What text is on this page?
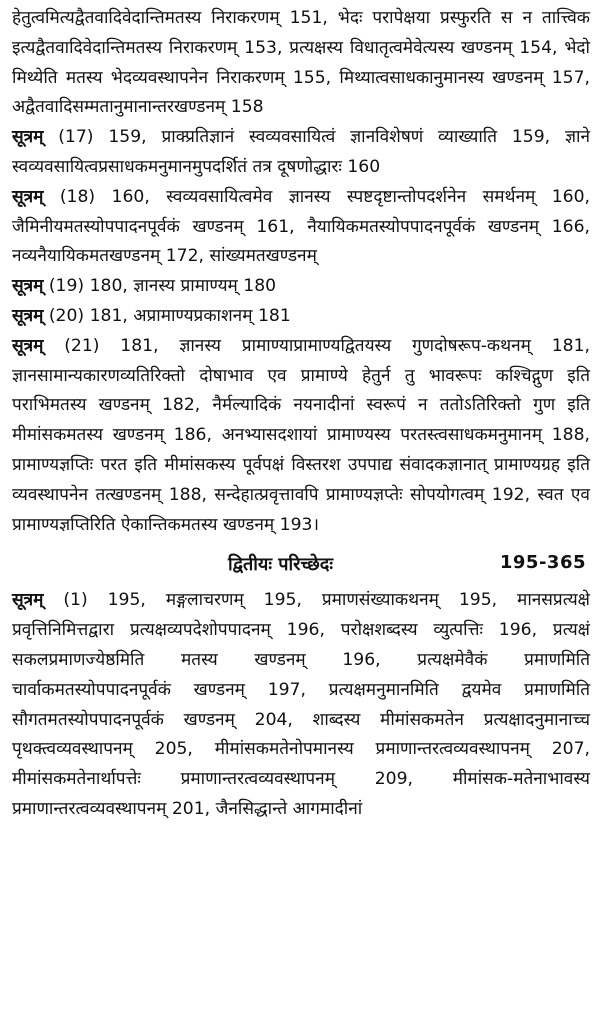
हेतुत्वमित्यद्वैतवादिवेदान्तिमतस्य निराकरणम् 151, भेदः परापेक्षया प्रस्फुरति स न तात्त्विक इत्यद्वैतवादिवेदान्तिमतस्य निराकरणम् 153, प्रत्यक्षस्य विधातृत्वमेवेत्यस्य खण्डनम् 154, भेदो मिथ्येति मतस्य भेदव्यवस्थापनेन निराकरणम् 155, मिथ्यात्वसाधकानुमानस्य खण्डनम् 157, अद्वैतवादिसम्मतानुमानान्तरखण्डनम् 158

सूत्रम् (17) 159, प्राक्प्रतिज्ञानं स्वव्यवसायित्वं ज्ञानविशेषणं व्याख्याति 159, ज्ञाने स्वव्यवसायित्वप्रसाधकमनुमानमुपदर्शितं तत्र दूषणोद्धारः 160

सूत्रम् (18) 160, स्वव्यवसायित्वमेव ज्ञानस्य स्पष्टदृष्टान्तोपदर्शनेन समर्थनम् 160, जैमिनीयमतस्योपपादनपूर्वकं खण्डनम् 161, नैयायिकमतस्योपपादनपूर्वकं खण्डनम् 166, नव्यनैयायिकमतखण्डनम् 172, सांख्यमतखण्डनम्

सूत्रम् (19) 180, ज्ञानस्य प्रामाण्यम् 180

सूत्रम् (20) 181, अप्रामाण्यप्रकाशनम् 181

सूत्रम् (21) 181, ज्ञानस्य प्रामाण्याप्रामाण्यद्वितयस्य गुणदोषरूप-कथनम् 181, ज्ञानसामान्यकारणव्यतिरिक्तो दोषाभाव एव प्रामाण्ये हेतुर्न तु भावरूपः कश्चिद्गुण इति पराभिमतस्य खण्डनम् 182, नैर्मल्यादिकं नयनादीनां स्वरूपं न ततोऽतिरिक्तो गुण इति मीमांसकमतस्य खण्डनम् 186, अनभ्यासदशायां प्रामाण्यस्य परतस्त्वसाधकमनुमानम् 188, प्रामाण्यज्ञप्तिः परत इति मीमांसकस्य पूर्वपक्षं विस्तरश उपपाद्य संवादकज्ञानात् प्रामाण्यग्रह इति व्यवस्थापनेन तत्खण्डनम् 188, सन्देहात्प्रवृत्तावपि प्रामाण्यज्ञप्तेः सोपयोगत्वम् 192, स्वत एव प्रामाण्यज्ञप्तिरिति ऐकान्तिकमतस्य खण्डनम् 193।

द्वितीयः परिच्छेदः	195-365

सूत्रम् (1) 195, मङ्गलाचरणम् 195, प्रमाणसंख्याकथनम् 195, मानसप्रत्यक्षे प्रवृत्तिनिमित्तद्वारा प्रत्यक्षव्यपदेशोपपादनम् 196, परोक्षशब्दस्य व्युत्पत्तिः 196, प्रत्यक्षं सकलप्रमाणज्येष्ठमिति मतस्य खण्डनम् 196, प्रत्यक्षमेवैकं प्रमाणमिति चार्वाकमतस्योपपादनपूर्वकं खण्डनम् 197, प्रत्यक्षमनुमानमिति द्वयमेव प्रमाणमिति सौगतमतस्योपपादनपूर्वकं खण्डनम् 204, शाब्दस्य मीमांसकमतेन प्रत्यक्षादनुमानाच्च पृथक्त्वव्यवस्थापनम् 205, मीमांसकमतेनोपमानस्य प्रमाणान्तरत्वव्यवस्थापनम् 207, मीमांसकमतेनार्थापत्तेः प्रमाणान्तरत्वव्यवस्थापनम् 209, मीमांसक-मतेनाभावस्य प्रमाणान्तरत्वव्यवस्थापनम् 201, जैनसिद्धान्ते आगमादीनां
